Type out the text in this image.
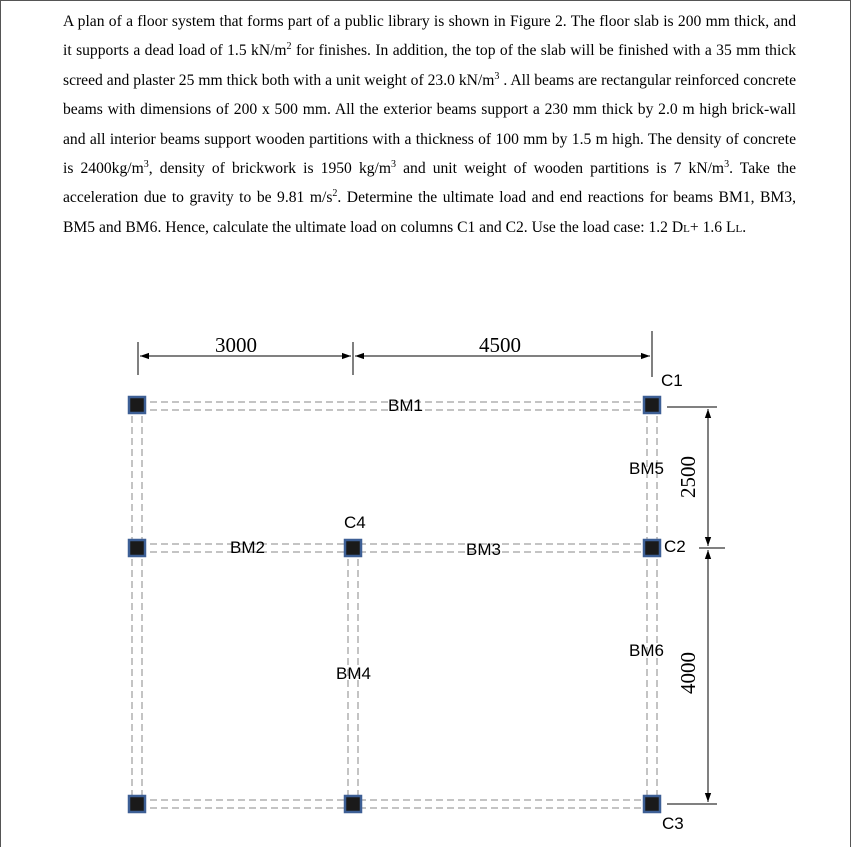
A plan of a floor system that forms part of a public library is shown in Figure 2. The floor slab is 200 mm thick, and it supports a dead load of 1.5 $kN/m^2$ for finishes. In addition, the top of the slab will be finished with a 35 mm thick screed and plaster 25 mm thick both with a unit weight of 23.0 $kN/m^3$ . All beams are rectangular reinforced concrete beams with dimensions of 200 x 500 mm. All the exterior beams support a 230 mm thick by 2.0 m high brick-wall and all interior beams support wooden partitions with a thickness of 100 mm by 1.5 m high. The density of concrete is $2400kg/m^3$, density of brickwork is 1950 $kg/m^3$ and unit weight of wooden partitions is 7 $kN/m^3$. Take the acceleration due to gravity to be 9.81 $m/s^2$. Determine the ultimate load and end reactions for beams BM1, BM3, BM5 and BM6. Hence, calculate the ultimate load on columns C1 and C2. Use the load case: 1.2 DL+ 1.6 LL.

3000	4500
2500
4000
BM1
BM2	BM3
BM4
BM5
BM6
C1
C2
C3
C4
